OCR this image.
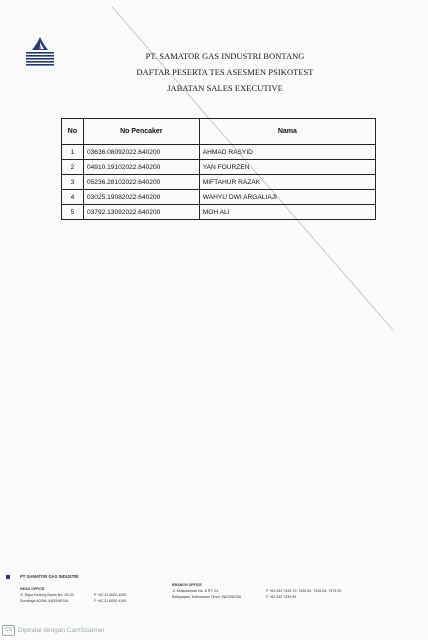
PT. SAMATOR GAS INDUSTRI BONTANG
DAFTAR PESERTA TES ASESMEN PSIKOTEST
JABATAN SALES EXECUTIVE
No	No Pencaker	Nama
1	03636.08092022.640200	AHMAD RASYID
2	04910.19102022.640200	YAN FOURZEN
3	05236.28102022.640200	MIFTAHUR RAZAK
4	03025.19082022.640200	WAHYU DWI ARGALIAJI
5	03792.13092022.640200	MOH ALI
PT SAMATOR GAS INDUSTRI
HEAD OFFICE
Jl. Raya Kedung Baruk No. 25-29
Surabaya 60298, INDONESIA
P +62 31 8000 4000
F +62 31 8000 4100
BRANCH OFFICE
Jl. Mulawarman No. 6 RT. 24
Balikpapan, Kalimantan Timur, INDONESIA
P +62 542 7435 70, 7435 82, 7435 84, 7475 93
F +62 542 7435 89
CS Dipindai dengan CamScanner
